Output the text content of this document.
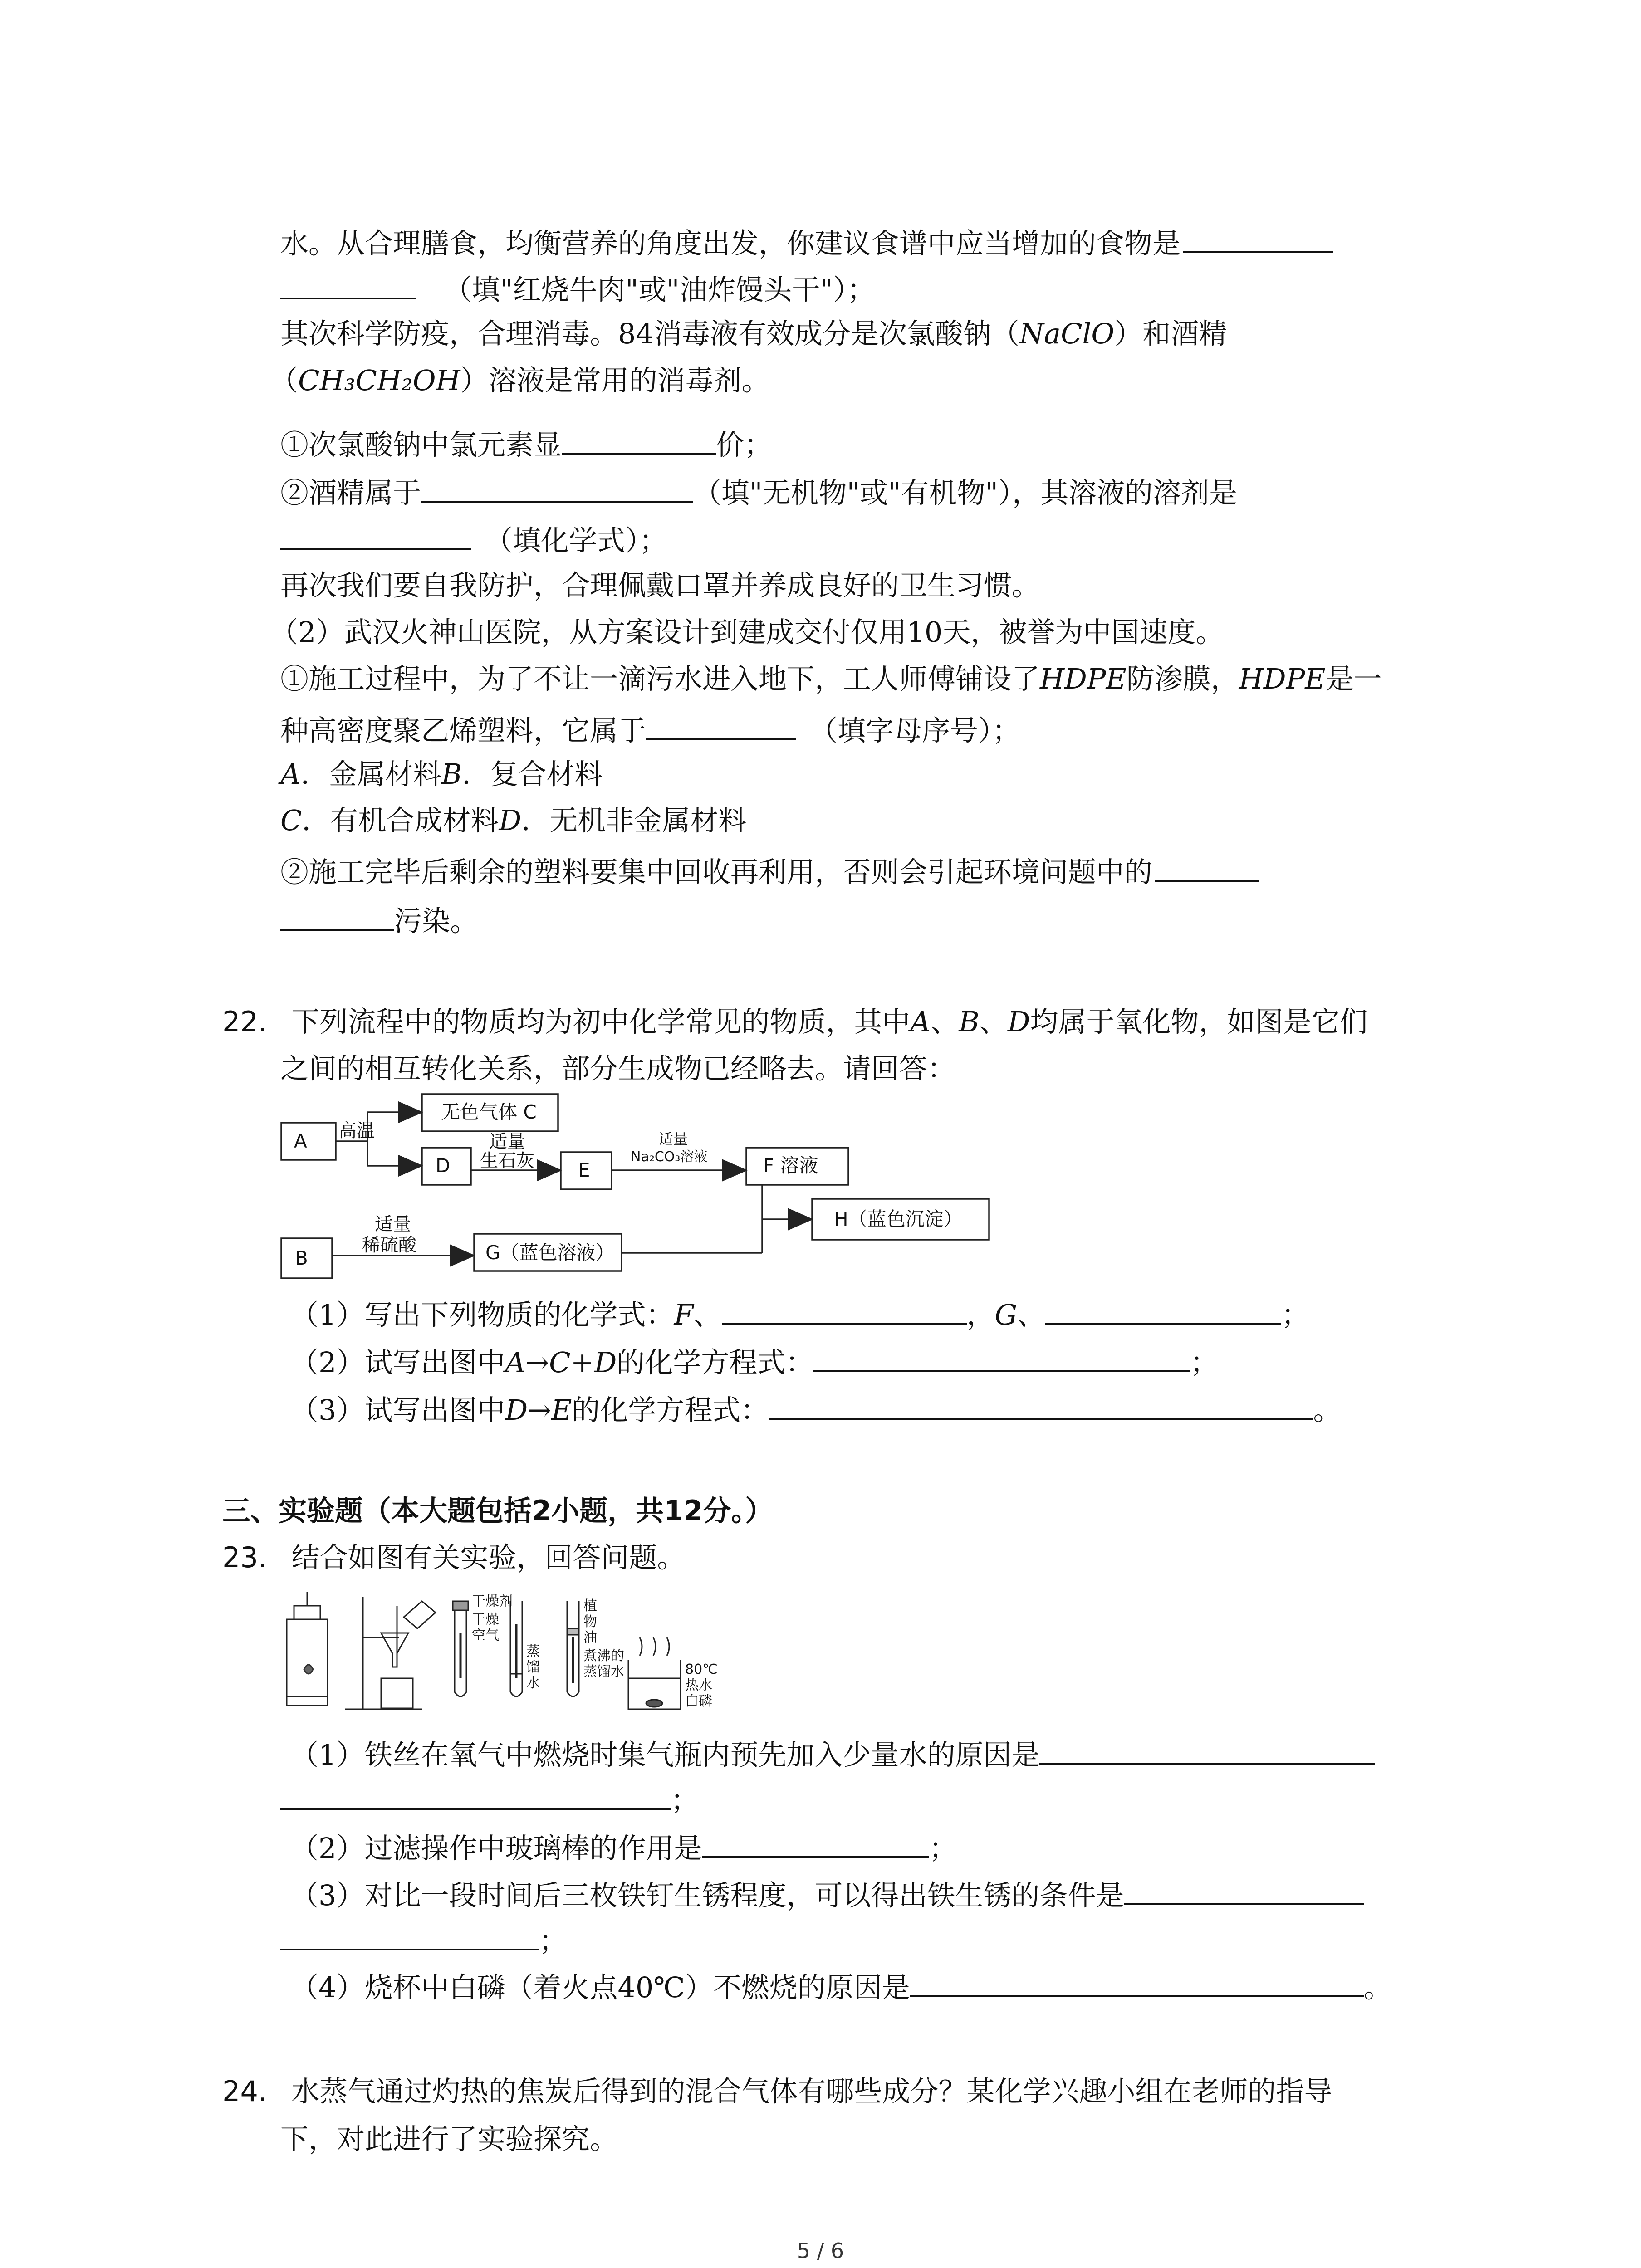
水。从合理膳食，均衡营养的角度出发，你建议食谱中应当增加的食物是
（填"红烧牛肉"或"油炸馒头干"）；
其次科学防疫，合理消毒。84消毒液有效成分是次氯酸钠（NaClO）和酒精
（CH₃CH₂OH）溶液是常用的消毒剂。
①次氯酸钠中氯元素显	价；
②酒精属于	（填"无机物"或"有机物"），其溶液的溶剂是
（填化学式）；
再次我们要自我防护，合理佩戴口罩并养成良好的卫生习惯。
（2）武汉火神山医院，从方案设计到建成交付仅用10天，被誉为中国速度。
①施工过程中，为了不让一滴污水进入地下，工人师傅铺设了HDPE防渗膜，HDPE是一
种高密度聚乙烯塑料，它属于	（填字母序号）；
A．金属材料B．复合材料
C．有机合成材料D．无机非金属材料
②施工完毕后剩余的塑料要集中回收再利用，否则会引起环境问题中的
污染。
22. 下列流程中的物质均为初中化学常见的物质，其中A、B、D均属于氧化物，如图是它们
之间的相互转化关系，部分生成物已经略去。请回答：
A
无色气体 C
D	E	F 溶液
B	G（蓝色溶液）
H（蓝色沉淀）
高温
适量
生石灰
适量
Na₂CO₃溶液
适量
稀硫酸
（1）写出下列物质的化学式：F、	，G、	；
（2）试写出图中A→C+D的化学方程式：	；
（3）试写出图中D→E的化学方程式：	。
三、实验题（本大题包括2小题，共12分。）
23. 结合如图有关实验，回答问题。
干燥剂
干燥
空气
蒸
馏
水
植
物
油
煮沸的
蒸馏水	80℃
热水
白磷
（1）铁丝在氧气中燃烧时集气瓶内预先加入少量水的原因是
；
（2）过滤操作中玻璃棒的作用是	；
（3）对比一段时间后三枚铁钉生锈程度，可以得出铁生锈的条件是
；
（4）烧杯中白磷（着火点40℃）不燃烧的原因是	。
24. 水蒸气通过灼热的焦炭后得到的混合气体有哪些成分？某化学兴趣小组在老师的指导
下，对此进行了实验探究。
5 / 6
